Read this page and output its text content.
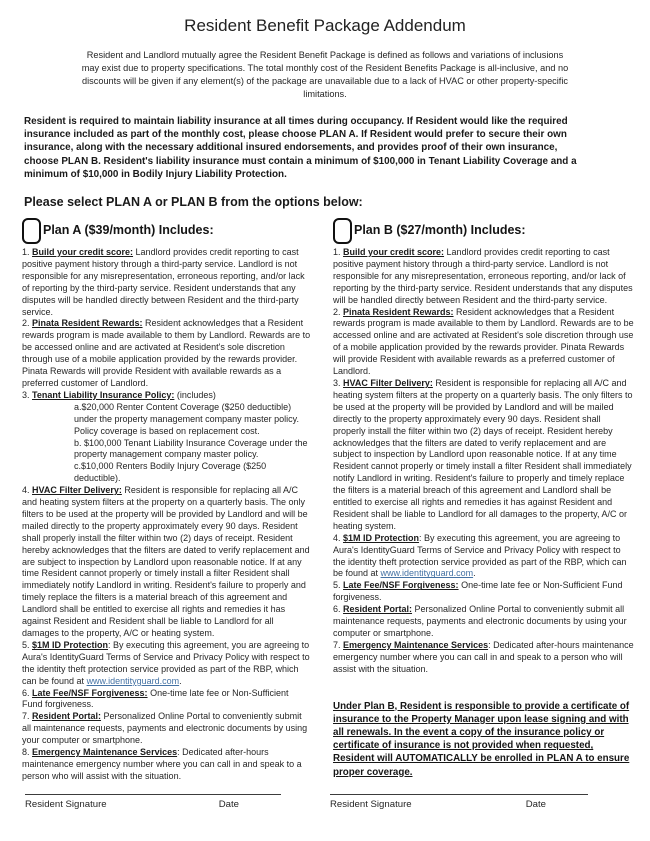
Resident Benefit Package Addendum
Resident and Landlord mutually agree the Resident Benefit Package is defined as follows and variations of inclusions may exist due to property specifications. The total monthly cost of the Resident Benefits Package is all-inclusive, and no discounts will be given if any element(s) of the package are unavailable due to a lack of HVAC or other property-specific limitations.
Resident is required to maintain liability insurance at all times during occupancy. If Resident would like the required insurance included as part of the monthly cost, please choose PLAN A. If Resident would prefer to secure their own insurance, along with the necessary additional insured endorsements, and provides proof of their own insurance, choose PLAN B. Resident's liability insurance must contain a minimum of $100,000 in Tenant Liability Coverage and a minimum of $10,000 in Bodily Injury Liability Protection.
Please select PLAN A or PLAN B from the options below:
Plan A ($39/month) Includes:
1. Build your credit score: Landlord provides credit reporting to cast positive payment history through a third-party service. Landlord is not responsible for any misrepresentation, erroneous reporting, and/or lack of reporting by the third-party service. Resident understands that any disputes will be handled directly between Resident and the third-party service.
2. Pinata Resident Rewards: Resident acknowledges that a Resident rewards program is made available to them by Landlord. Rewards are to be accessed online and are activated at Resident's sole discretion through use of a mobile application provided by the rewards provider. Pinata Rewards will provide Resident with available rewards as a preferred customer of Landlord.
3. Tenant Liability Insurance Policy: (includes)
a.$20,000 Renter Content Coverage ($250 deductible) under the property management company master policy. Policy coverage is based on replacement cost.
b. $100,000 Tenant Liability Insurance Coverage under the property management company master policy.
c.$10,000 Renters Bodily Injury Coverage ($250 deductible).
4. HVAC Filter Delivery: Resident is responsible for replacing all A/C and heating system filters at the property on a quarterly basis. The only filters to be used at the property will be provided by Landlord and will be mailed directly to the property approximately every 90 days. Resident shall properly install the filter within two (2) days of receipt. Resident hereby acknowledges that the filters are dated to verify replacement and are subject to inspection by Landlord upon reasonable notice. If at any time Resident cannot properly or timely install a filter Resident shall immediately notify Landlord in writing. Resident's failure to properly and timely replace the filters is a material breach of this agreement and Landlord shall be entitled to exercise all rights and remedies it has against Resident and Resident shall be liable to Landlord for all damages to the property, A/C or heating system.
5. $1M ID Protection: By executing this agreement, you are agreeing to Aura's IdentityGuard Terms of Service and Privacy Policy with respect to the identity theft protection service provided as part of the RBP, which can be found at www.identityguard.com.
6. Late Fee/NSF Forgiveness: One-time late fee or Non-Sufficient Fund forgiveness.
7. Resident Portal: Personalized Online Portal to conveniently submit all maintenance requests, payments and electronic documents by using your computer or smartphone.
8. Emergency Maintenance Services: Dedicated after-hours maintenance emergency number where you can call in and speak to a person who will assist with the situation.
Plan B ($27/month) Includes:
1. Build your credit score: Landlord provides credit reporting to cast positive payment history through a third-party service. Landlord is not responsible for any misrepresentation, erroneous reporting, and/or lack of reporting by the third-party service. Resident understands that any disputes will be handled directly between Resident and the third-party service.
2. Pinata Resident Rewards: Resident acknowledges that a Resident rewards program is made available to them by Landlord. Rewards are to be accessed online and are activated at Resident's sole discretion through use of a mobile application provided by the rewards provider. Pinata Rewards will provide Resident with available rewards as a preferred customer of Landlord.
3. HVAC Filter Delivery: Resident is responsible for replacing all A/C and heating system filters at the property on a quarterly basis. The only filters to be used at the property will be provided by Landlord and will be mailed directly to the property approximately every 90 days. Resident shall properly install the filter within two (2) days of receipt. Resident hereby acknowledges that the filters are dated to verify replacement and are subject to inspection by Landlord upon reasonable notice. If at any time Resident cannot properly or timely install a filter Resident shall immediately notify Landlord in writing. Resident's failure to properly and timely replace the filters is a material breach of this agreement and Landlord shall be entitled to exercise all rights and remedies it has against Resident and Resident shall be liable to Landlord for all damages to the property, A/C or heating system.
4. $1M ID Protection: By executing this agreement, you are agreeing to Aura's IdentityGuard Terms of Service and Privacy Policy with respect to the identity theft protection service provided as part of the RBP, which can be found at www.identityguard.com.
5. Late Fee/NSF Forgiveness: One-time late fee or Non-Sufficient Fund forgiveness.
6. Resident Portal: Personalized Online Portal to conveniently submit all maintenance requests, payments and electronic documents by using your computer or smartphone.
7. Emergency Maintenance Services: Dedicated after-hours maintenance emergency number where you can call in and speak to a person who will assist with the situation.
Under Plan B, Resident is responsible to provide a certificate of insurance to the Property Manager upon lease signing and with all renewals. In the event a copy of the insurance policy or certificate of insurance is not provided when requested, Resident will AUTOMATICALLY be enrolled in PLAN A to ensure proper coverage.
Resident Signature	Date	Resident Signature	Date
